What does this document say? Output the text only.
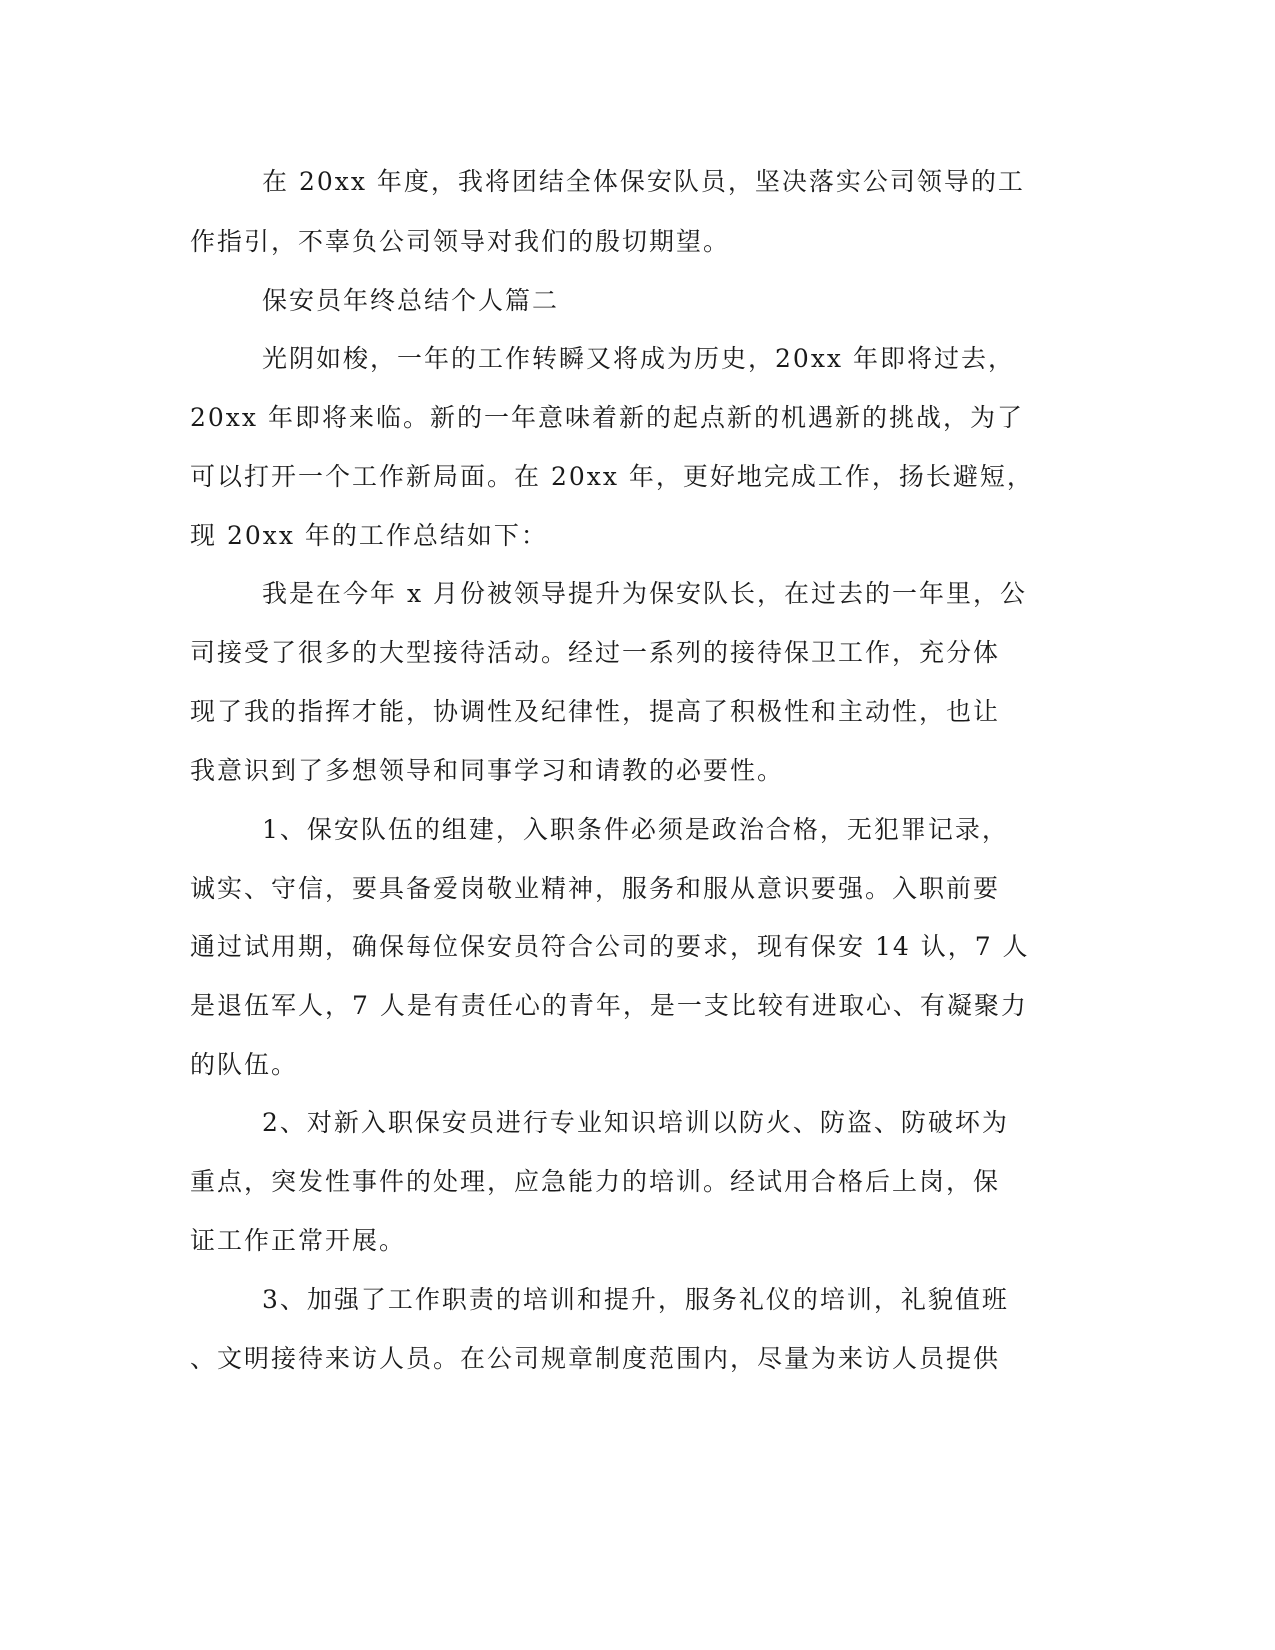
在 20xx 年度，我将团结全体保安队员，坚决落实公司领导的工
作指引，不辜负公司领导对我们的殷切期望。
保安员年终总结个人篇二
光阴如梭，一年的工作转瞬又将成为历史，20xx 年即将过去，
20xx 年即将来临。新的一年意味着新的起点新的机遇新的挑战，为了
可以打开一个工作新局面。在 20xx 年，更好地完成工作，扬长避短，
现 20xx 年的工作总结如下：
我是在今年 x 月份被领导提升为保安队长，在过去的一年里，公
司接受了很多的大型接待活动。经过一系列的接待保卫工作，充分体
现了我的指挥才能，协调性及纪律性，提高了积极性和主动性，也让
我意识到了多想领导和同事学习和请教的必要性。
1、保安队伍的组建，入职条件必须是政治合格，无犯罪记录，
诚实、守信，要具备爱岗敬业精神，服务和服从意识要强。入职前要
通过试用期，确保每位保安员符合公司的要求，现有保安 14 认，7 人
是退伍军人，7 人是有责任心的青年，是一支比较有进取心、有凝聚力
的队伍。
2、对新入职保安员进行专业知识培训以防火、防盗、防破坏为
重点，突发性事件的处理，应急能力的培训。经试用合格后上岗，保
证工作正常开展。
3、加强了工作职责的培训和提升，服务礼仪的培训，礼貌值班
、文明接待来访人员。在公司规章制度范围内，尽量为来访人员提供
